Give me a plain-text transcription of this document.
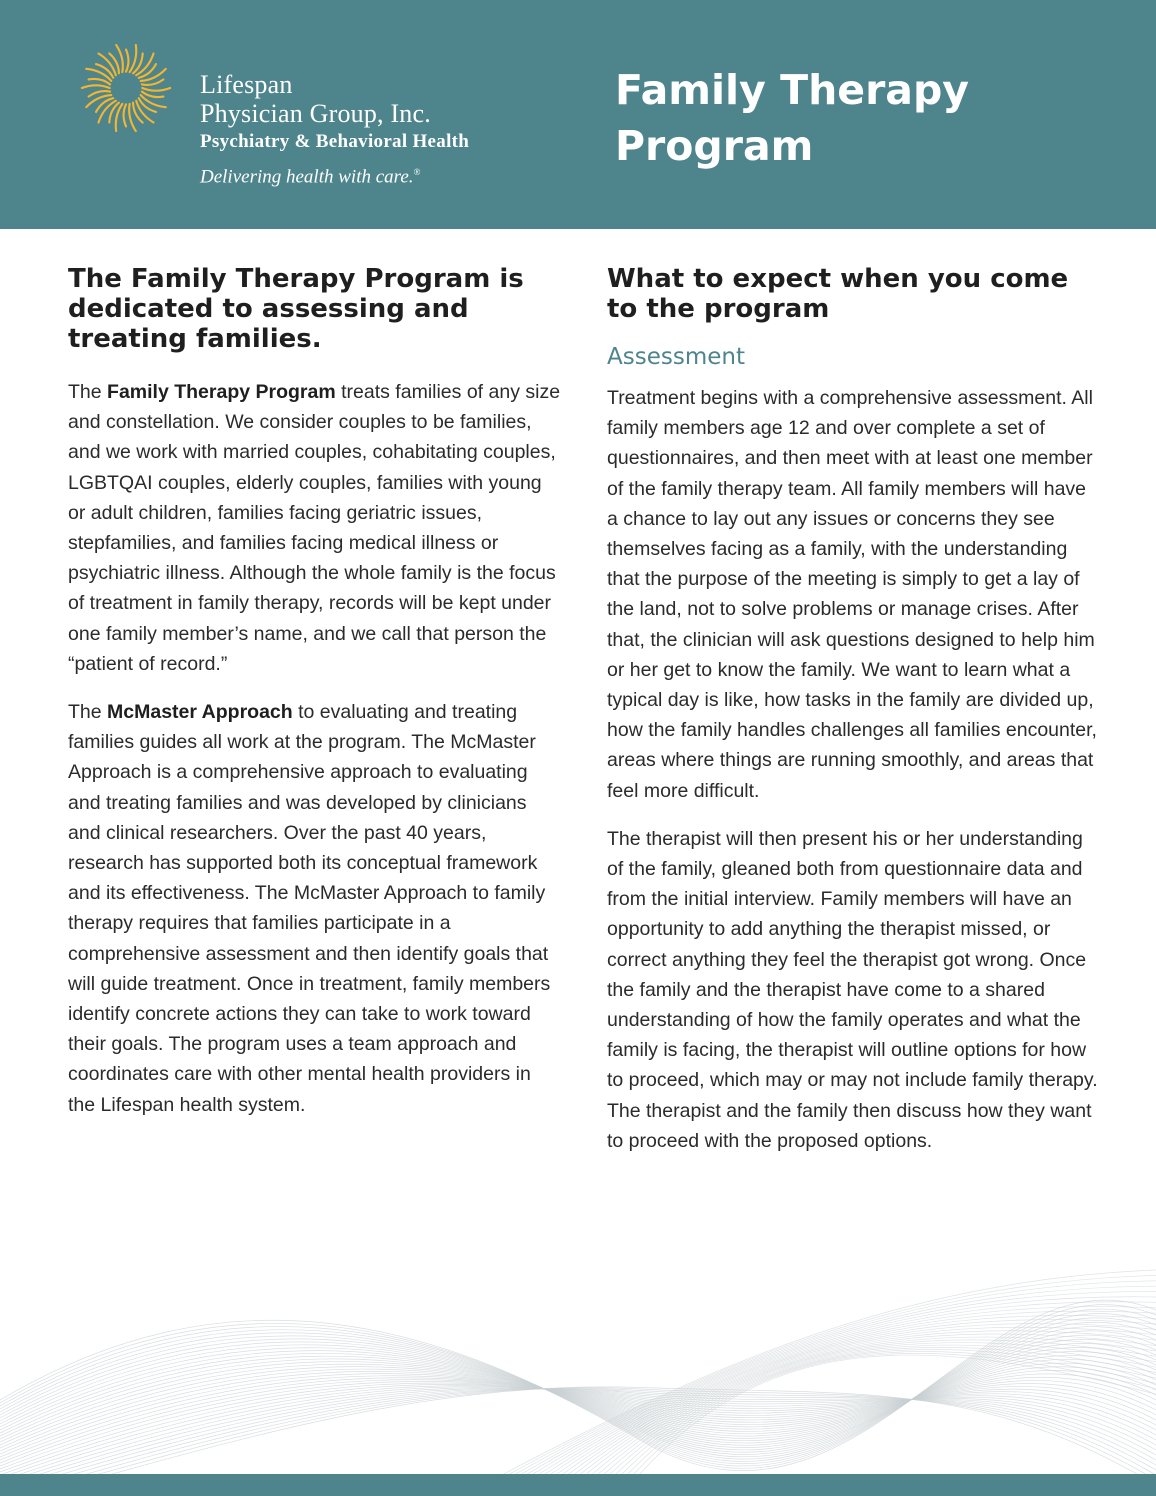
Lifespan
Physician Group, Inc.
Psychiatry & Behavioral Health
Delivering health with care.®
Family Therapy Program
The Family Therapy Program is dedicated to assessing and treating families.

The Family Therapy Program treats families of any size and constellation. We consider couples to be families, and we work with married couples, cohabitating couples, LGBTQAI couples, elderly couples, families with young or adult children, families facing geriatric issues, stepfamilies, and families facing medical illness or psychiatric illness. Although the whole family is the focus of treatment in family therapy, records will be kept under one family member’s name, and we call that person the “patient of record.”

The McMaster Approach to evaluating and treating families guides all work at the program. The McMaster Approach is a comprehensive approach to evaluating and treating families and was developed by clinicians and clinical researchers. Over the past 40 years, research has supported both its conceptual framework and its effectiveness. The McMaster Approach to family therapy requires that families participate in a comprehensive assessment and then identify goals that will guide treatment. Once in treatment, family members identify concrete actions they can take to work toward their goals. The program uses a team approach and coordinates care with other mental health providers in the Lifespan health system.

What to expect when you come to the program
Assessment

Treatment begins with a comprehensive assessment. All family members age 12 and over complete a set of questionnaires, and then meet with at least one member of the family therapy team. All family members will have a chance to lay out any issues or concerns they see themselves facing as a family, with the understanding that the purpose of the meeting is simply to get a lay of the land, not to solve problems or manage crises. After that, the clinician will ask questions designed to help him or her get to know the family. We want to learn what a typical day is like, how tasks in the family are divided up, how the family handles challenges all families encounter, areas where things are running smoothly, and areas that feel more difficult.

The therapist will then present his or her understanding of the family, gleaned both from questionnaire data and from the initial interview. Family members will have an opportunity to add anything the therapist missed, or correct anything they feel the therapist got wrong. Once the family and the therapist have come to a shared understanding of how the family operates and what the family is facing, the therapist will outline options for how to proceed, which may or may not include family therapy. The therapist and the family then discuss how they want to proceed with the proposed options.
